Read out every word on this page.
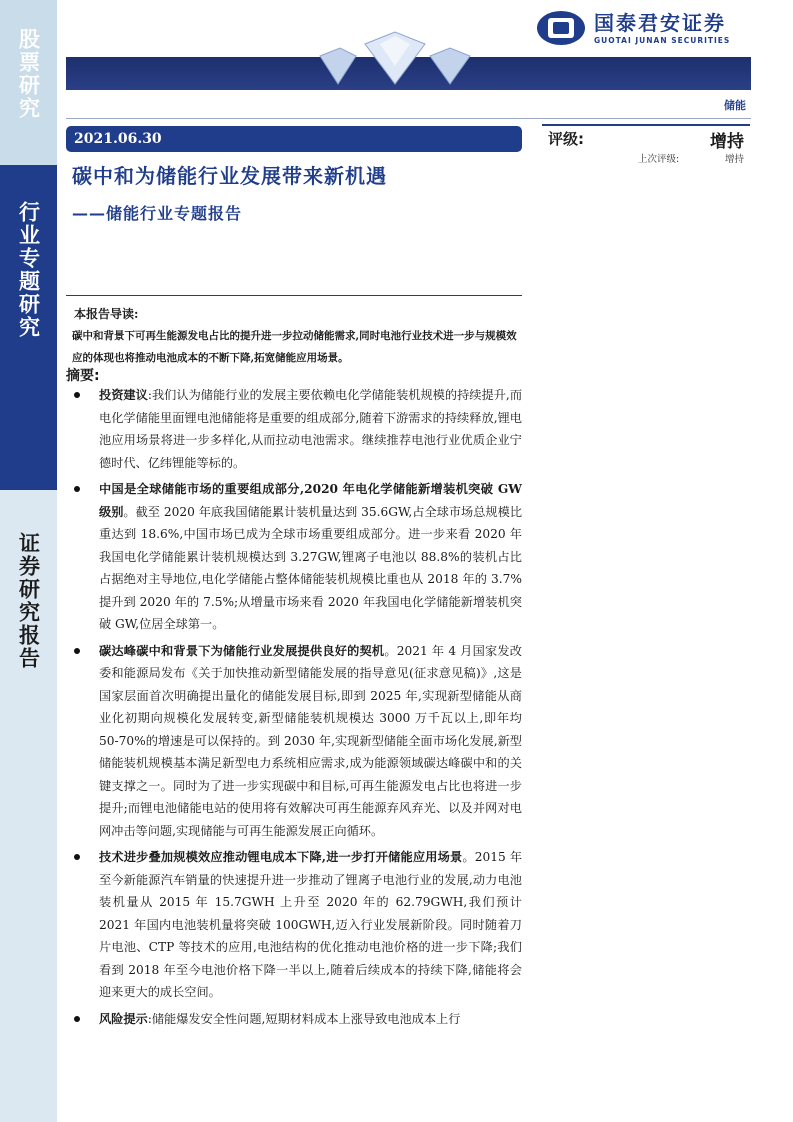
股票研究
行业专题研究
证券研究报告
国泰君安证券
GUOTAI JUNAN SECURITIES
储能
2021.06.30	评级:	增持
上次评级:	增持
碳中和为储能行业发展带来新机遇
——储能行业专题报告
本报告导读:
碳中和背景下可再生能源发电占比的提升进一步拉动储能需求,同时电池行业技术进一步与规模效应的体现也将推动电池成本的不断下降,拓宽储能应用场景。
摘要:
投资建议:我们认为储能行业的发展主要依赖电化学储能装机规模的持续提升,而电化学储能里面锂电池储能将是重要的组成部分,随着下游需求的持续释放,锂电池应用场景将进一步多样化,从而拉动电池需求。继续推荐电池行业优质企业宁德时代、亿纬锂能等标的。
中国是全球储能市场的重要组成部分,2020 年电化学储能新增装机突破 GW 级别。截至 2020 年底我国储能累计装机量达到 35.6GW,占全球市场总规模比重达到 18.6%,中国市场已成为全球市场重要组成部分。进一步来看 2020 年我国电化学储能累计装机规模达到 3.27GW,锂离子电池以 88.8%的装机占比占据绝对主导地位,电化学储能占整体储能装机规模比重也从 2018 年的 3.7%提升到 2020 年的 7.5%;从增量市场来看 2020 年我国电化学储能新增装机突破 GW,位居全球第一。
碳达峰碳中和背景下为储能行业发展提供良好的契机。2021 年 4 月国家发改委和能源局发布《关于加快推动新型储能发展的指导意见(征求意见稿)》,这是国家层面首次明确提出量化的储能发展目标,即到 2025 年,实现新型储能从商业化初期向规模化发展转变,新型储能装机规模达 3000 万千瓦以上,即年均 50-70%的增速是可以保持的。到 2030 年,实现新型储能全面市场化发展,新型储能装机规模基本满足新型电力系统相应需求,成为能源领域碳达峰碳中和的关键支撑之一。同时为了进一步实现碳中和目标,可再生能源发电占比也将进一步提升;而锂电池储能电站的使用将有效解决可再生能源弃风弃光、以及并网对电网冲击等问题,实现储能与可再生能源发展正向循环。
技术进步叠加规模效应推动锂电成本下降,进一步打开储能应用场景。2015 年至今新能源汽车销量的快速提升进一步推动了锂离子电池行业的发展,动力电池装机量从 2015 年 15.7GWH 上升至 2020 年的 62.79GWH,我们预计 2021 年国内电池装机量将突破 100GWH,迈入行业发展新阶段。同时随着刀片电池、CTP 等技术的应用,电池结构的优化推动电池价格的进一步下降;我们看到 2018 年至今电池价格下降一半以上,随着后续成本的持续下降,储能将会迎来更大的成长空间。
风险提示:储能爆发安全性问题,短期材料成本上涨导致电池成本上行
